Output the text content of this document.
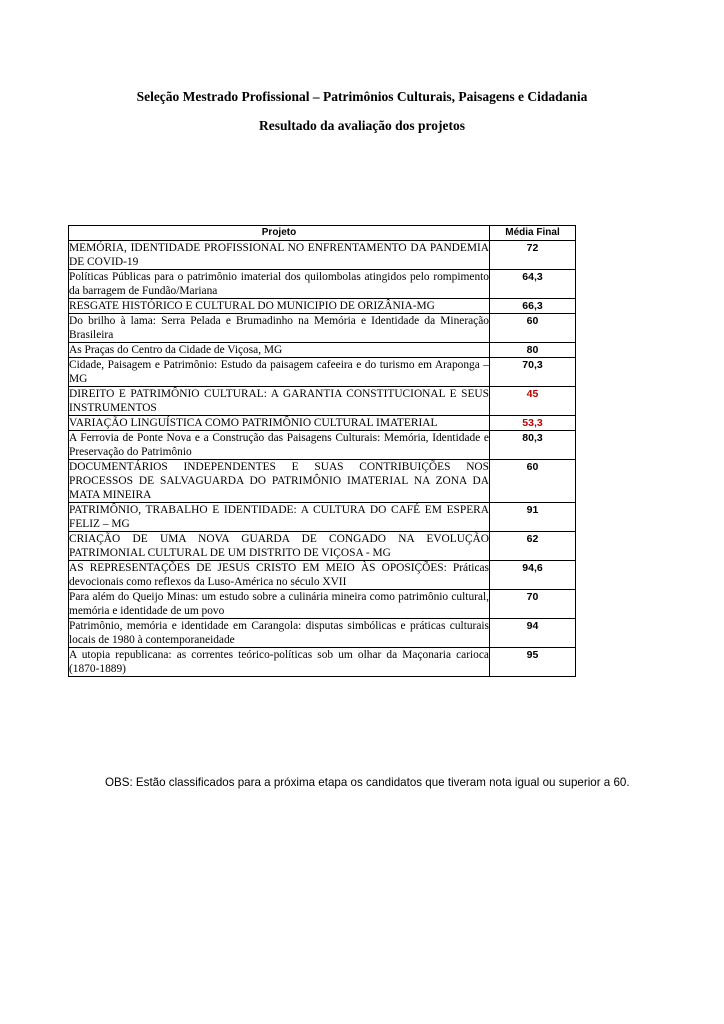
Seleção Mestrado Profissional – Patrimônios Culturais, Paisagens e Cidadania
Resultado da avaliação dos projetos
Projeto	Média Final
MEMÓRIA, IDENTIDADE PROFISSIONAL NO ENFRENTAMENTO DA PANDEMIA DE COVID-19	72
Políticas Públicas para o patrimônio imaterial dos quilombolas atingidos pelo rompimento da barragem de Fundão/Mariana	64,3
RESGATE HISTÓRICO E CULTURAL DO MUNICIPIO DE ORIZÂNIA-MG	66,3
Do brilho à lama: Serra Pelada e Brumadinho na Memória e Identidade da Mineração Brasileira	60
As Praças do Centro da Cidade de Viçosa, MG	80
Cidade, Paisagem e Patrimônio: Estudo da paisagem cafeeira e do turismo em Araponga – MG	70,3
DIREITO E PATRIMÔNIO CULTURAL: A GARANTIA CONSTITUCIONAL E SEUS INSTRUMENTOS	45
VARIAÇÃO LINGUÍSTICA COMO PATRIMÔNIO CULTURAL IMATERIAL	53,3
A Ferrovia de Ponte Nova e a Construção das Paisagens Culturais: Memória, Identidade e Preservação do Patrimônio	80,3
DOCUMENTÁRIOS INDEPENDENTES E SUAS CONTRIBUIÇÕES NOS PROCESSOS DE SALVAGUARDA DO PATRIMÔNIO IMATERIAL NA ZONA DA MATA MINEIRA	60
PATRIMÔNIO, TRABALHO E IDENTIDADE: A CULTURA DO CAFÉ EM ESPERA FELIZ – MG	91
CRIAÇÃO DE UMA NOVA GUARDA DE CONGADO NA EVOLUÇÃO PATRIMONIAL CULTURAL DE UM DISTRITO DE VIÇOSA - MG	62
AS REPRESENTAÇÕES DE JESUS CRISTO EM MEIO ÀS OPOSIÇÕES: Práticas devocionais como reflexos da Luso-América no século XVII	94,6
Para além do Queijo Minas: um estudo sobre a culinária mineira como patrimônio cultural, memória e identidade de um povo	70
Patrimônio, memória e identidade em Carangola: disputas simbólicas e práticas culturais locais de 1980 à contemporaneidade	94
A utopia republicana: as correntes teórico-políticas sob um olhar da Maçonaria carioca (1870-1889)	95
OBS: Estão classificados para a próxima etapa os candidatos que tiveram nota igual ou superior a 60.
